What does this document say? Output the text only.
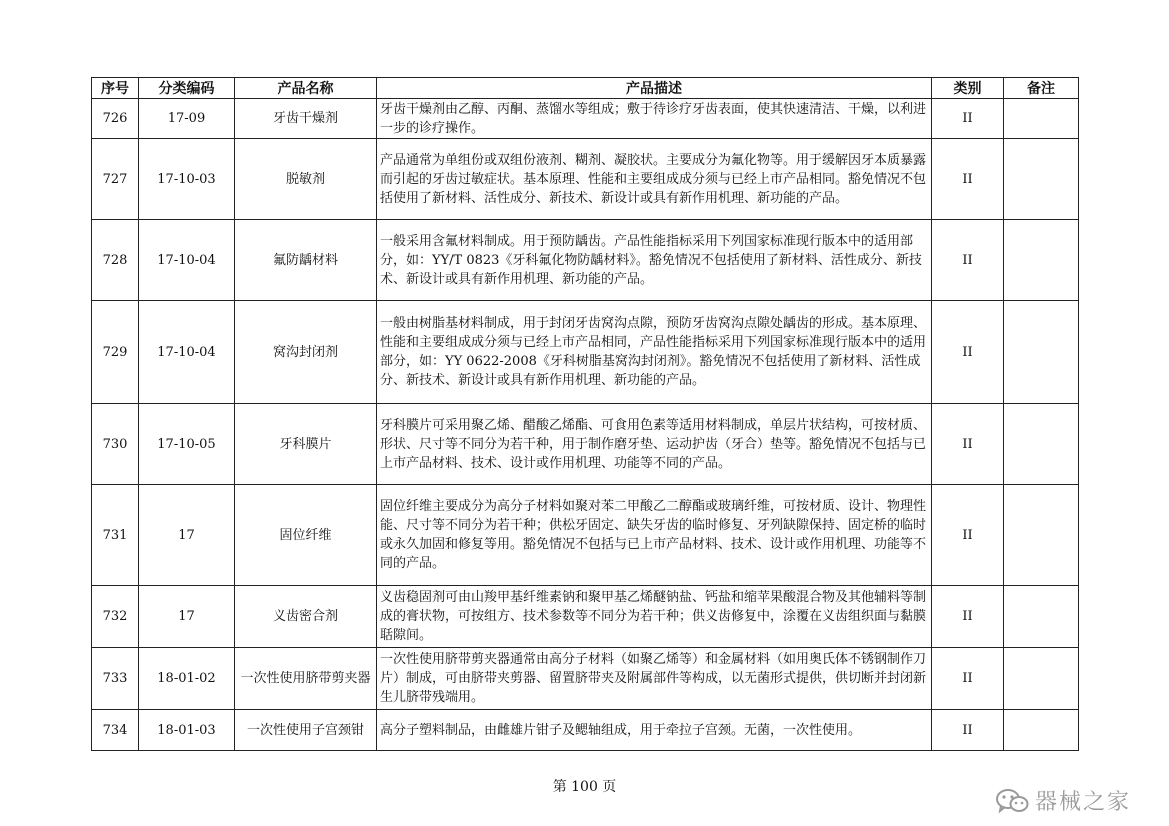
序号	分类编码	产品名称	产品描述	类别	备注
726	17-09	牙齿干燥剂	牙齿干燥剂由乙醇、丙酮、蒸馏水等组成；敷于待诊疗牙齿表面，使其快速清洁、干燥，以利进一步的诊疗操作。	II	
727	17-10-03	脱敏剂	产品通常为单组份或双组份液剂、糊剂、凝胶状。主要成分为氟化物等。用于缓解因牙本质暴露而引起的牙齿过敏症状。基本原理、性能和主要组成成分须与已经上市产品相同。豁免情况不包括使用了新材料、活性成分、新技术、新设计或具有新作用机理、新功能的产品。	II	
728	17-10-04	氟防龋材料	一般采用含氟材料制成。用于预防龋齿。产品性能指标采用下列国家标准现行版本中的适用部分，如：YY/T 0823《牙科氟化物防龋材料》。豁免情况不包括使用了新材料、活性成分、新技术、新设计或具有新作用机理、新功能的产品。	II	
729	17-10-04	窝沟封闭剂	一般由树脂基材料制成，用于封闭牙齿窝沟点隙，预防牙齿窝沟点隙处龋齿的形成。基本原理、性能和主要组成成分须与已经上市产品相同，产品性能指标采用下列国家标准现行版本中的适用部分，如：YY 0622-2008《牙科树脂基窝沟封闭剂》。豁免情况不包括使用了新材料、活性成分、新技术、新设计或具有新作用机理、新功能的产品。	II	
730	17-10-05	牙科膜片	牙科膜片可采用聚乙烯、醋酸乙烯酯、可食用色素等适用材料制成，单层片状结构，可按材质、形状、尺寸等不同分为若干种，用于制作磨牙垫、运动护齿（牙合）垫等。豁免情况不包括与已上市产品材料、技术、设计或作用机理、功能等不同的产品。	II	
731	17	固位纤维	固位纤维主要成分为高分子材料如聚对苯二甲酸乙二醇酯或玻璃纤维，可按材质、设计、物理性能、尺寸等不同分为若干种；供松牙固定、缺失牙齿的临时修复、牙列缺隙保持、固定桥的临时或永久加固和修复等用。豁免情况不包括与已上市产品材料、技术、设计或作用机理、功能等不同的产品。	II	
732	17	义齿密合剂	义齿稳固剂可由山羧甲基纤维素钠和聚甲基乙烯醚钠盐、钙盐和缩苹果酸混合物及其他辅料等制成的膏状物，可按组方、技术参数等不同分为若干种；供义齿修复中，涂覆在义齿组织面与黏膜聒隙间。	II	
733	18-01-02	一次性使用脐带剪夹器	一次性使用脐带剪夹器通常由高分子材料（如聚乙烯等）和金属材料（如用奥氏体不锈钢制作刀片）制成，可由脐带夹剪器、留置脐带夹及附属部件等构成，以无菌形式提供，供切断并封闭新生儿脐带残端用。	II	
734	18-01-03	一次性使用子宫颈钳	高分子塑料制品，由雌雄片钳子及鳃轴组成，用于牵拉子宫颈。无菌，一次性使用。	II	
第 100 页
器械之家
